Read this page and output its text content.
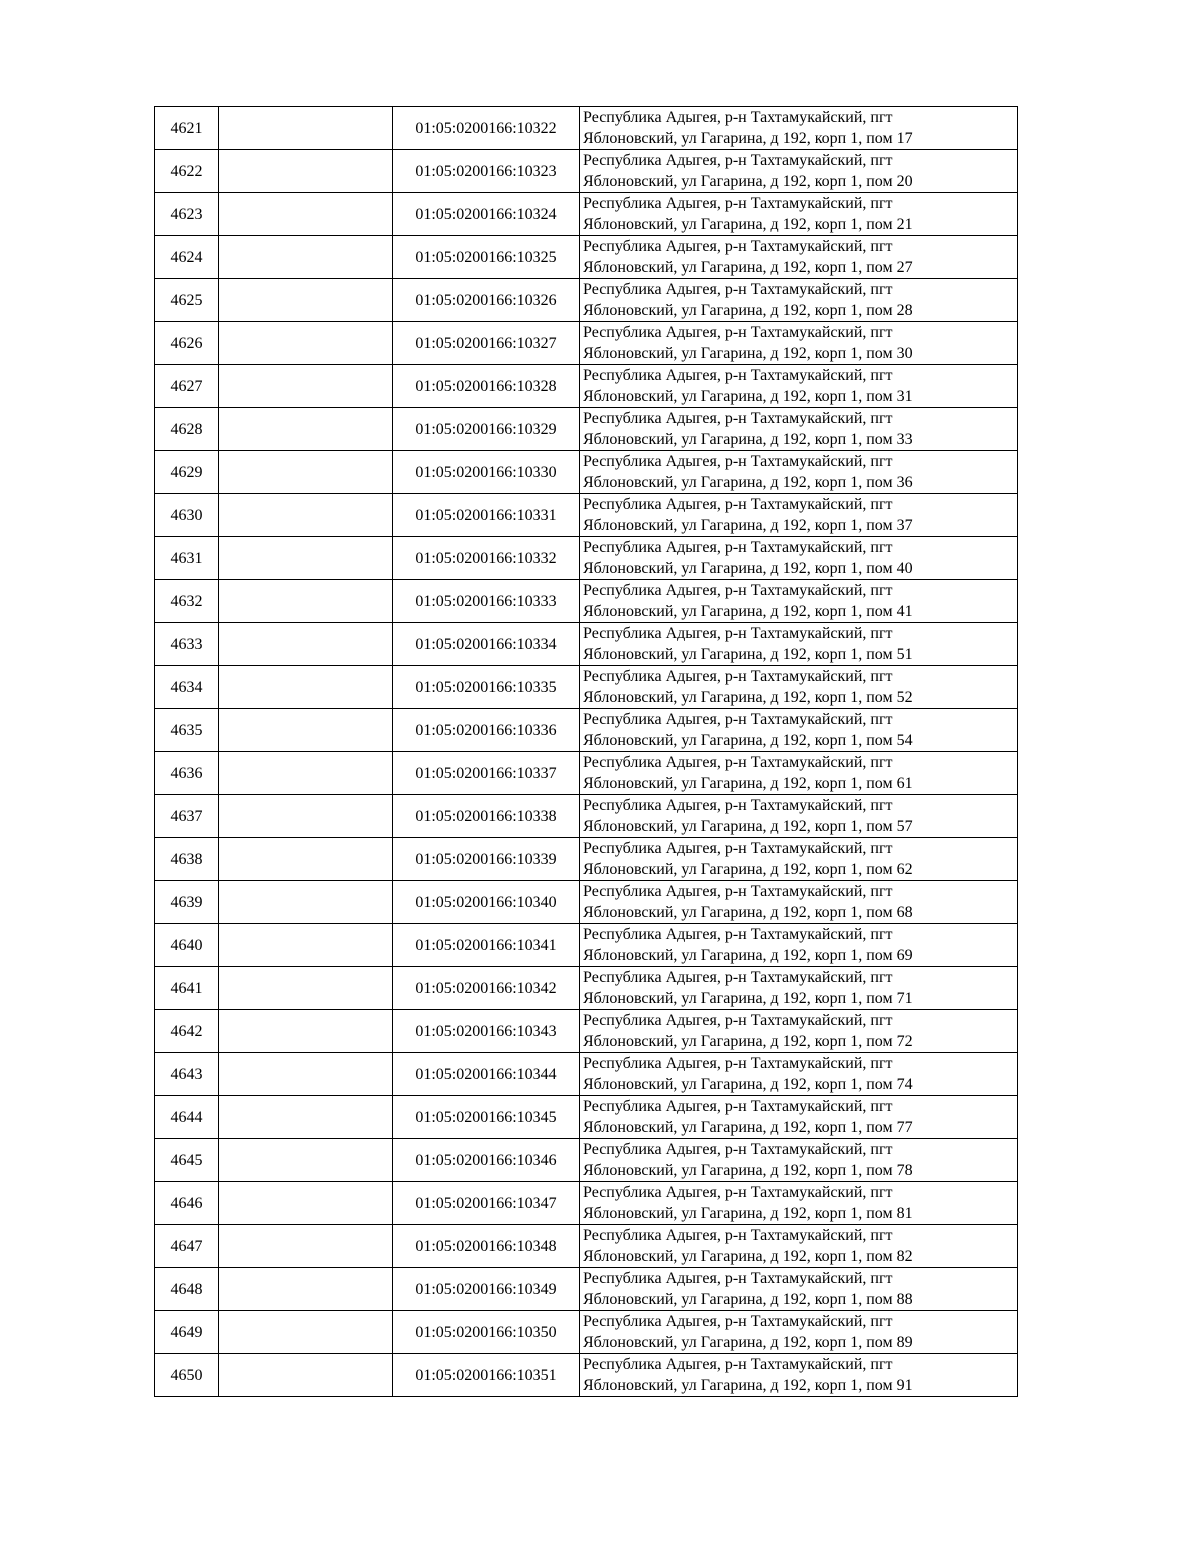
4621		01:05:0200166:10322	Республика Адыгея, р-н Тахтамукайский, пгт
Яблоновский, ул Гагарина, д 192, корп 1, пом 17
4622		01:05:0200166:10323	Республика Адыгея, р-н Тахтамукайский, пгт
Яблоновский, ул Гагарина, д 192, корп 1, пом 20
4623		01:05:0200166:10324	Республика Адыгея, р-н Тахтамукайский, пгт
Яблоновский, ул Гагарина, д 192, корп 1, пом 21
4624		01:05:0200166:10325	Республика Адыгея, р-н Тахтамукайский, пгт
Яблоновский, ул Гагарина, д 192, корп 1, пом 27
4625		01:05:0200166:10326	Республика Адыгея, р-н Тахтамукайский, пгт
Яблоновский, ул Гагарина, д 192, корп 1, пом 28
4626		01:05:0200166:10327	Республика Адыгея, р-н Тахтамукайский, пгт
Яблоновский, ул Гагарина, д 192, корп 1, пом 30
4627		01:05:0200166:10328	Республика Адыгея, р-н Тахтамукайский, пгт
Яблоновский, ул Гагарина, д 192, корп 1, пом 31
4628		01:05:0200166:10329	Республика Адыгея, р-н Тахтамукайский, пгт
Яблоновский, ул Гагарина, д 192, корп 1, пом 33
4629		01:05:0200166:10330	Республика Адыгея, р-н Тахтамукайский, пгт
Яблоновский, ул Гагарина, д 192, корп 1, пом 36
4630		01:05:0200166:10331	Республика Адыгея, р-н Тахтамукайский, пгт
Яблоновский, ул Гагарина, д 192, корп 1, пом 37
4631		01:05:0200166:10332	Республика Адыгея, р-н Тахтамукайский, пгт
Яблоновский, ул Гагарина, д 192, корп 1, пом 40
4632		01:05:0200166:10333	Республика Адыгея, р-н Тахтамукайский, пгт
Яблоновский, ул Гагарина, д 192, корп 1, пом 41
4633		01:05:0200166:10334	Республика Адыгея, р-н Тахтамукайский, пгт
Яблоновский, ул Гагарина, д 192, корп 1, пом 51
4634		01:05:0200166:10335	Республика Адыгея, р-н Тахтамукайский, пгт
Яблоновский, ул Гагарина, д 192, корп 1, пом 52
4635		01:05:0200166:10336	Республика Адыгея, р-н Тахтамукайский, пгт
Яблоновский, ул Гагарина, д 192, корп 1, пом 54
4636		01:05:0200166:10337	Республика Адыгея, р-н Тахтамукайский, пгт
Яблоновский, ул Гагарина, д 192, корп 1, пом 61
4637		01:05:0200166:10338	Республика Адыгея, р-н Тахтамукайский, пгт
Яблоновский, ул Гагарина, д 192, корп 1, пом 57
4638		01:05:0200166:10339	Республика Адыгея, р-н Тахтамукайский, пгт
Яблоновский, ул Гагарина, д 192, корп 1, пом 62
4639		01:05:0200166:10340	Республика Адыгея, р-н Тахтамукайский, пгт
Яблоновский, ул Гагарина, д 192, корп 1, пом 68
4640		01:05:0200166:10341	Республика Адыгея, р-н Тахтамукайский, пгт
Яблоновский, ул Гагарина, д 192, корп 1, пом 69
4641		01:05:0200166:10342	Республика Адыгея, р-н Тахтамукайский, пгт
Яблоновский, ул Гагарина, д 192, корп 1, пом 71
4642		01:05:0200166:10343	Республика Адыгея, р-н Тахтамукайский, пгт
Яблоновский, ул Гагарина, д 192, корп 1, пом 72
4643		01:05:0200166:10344	Республика Адыгея, р-н Тахтамукайский, пгт
Яблоновский, ул Гагарина, д 192, корп 1, пом 74
4644		01:05:0200166:10345	Республика Адыгея, р-н Тахтамукайский, пгт
Яблоновский, ул Гагарина, д 192, корп 1, пом 77
4645		01:05:0200166:10346	Республика Адыгея, р-н Тахтамукайский, пгт
Яблоновский, ул Гагарина, д 192, корп 1, пом 78
4646		01:05:0200166:10347	Республика Адыгея, р-н Тахтамукайский, пгт
Яблоновский, ул Гагарина, д 192, корп 1, пом 81
4647		01:05:0200166:10348	Республика Адыгея, р-н Тахтамукайский, пгт
Яблоновский, ул Гагарина, д 192, корп 1, пом 82
4648		01:05:0200166:10349	Республика Адыгея, р-н Тахтамукайский, пгт
Яблоновский, ул Гагарина, д 192, корп 1, пом 88
4649		01:05:0200166:10350	Республика Адыгея, р-н Тахтамукайский, пгт
Яблоновский, ул Гагарина, д 192, корп 1, пом 89
4650		01:05:0200166:10351	Республика Адыгея, р-н Тахтамукайский, пгт
Яблоновский, ул Гагарина, д 192, корп 1, пом 91
